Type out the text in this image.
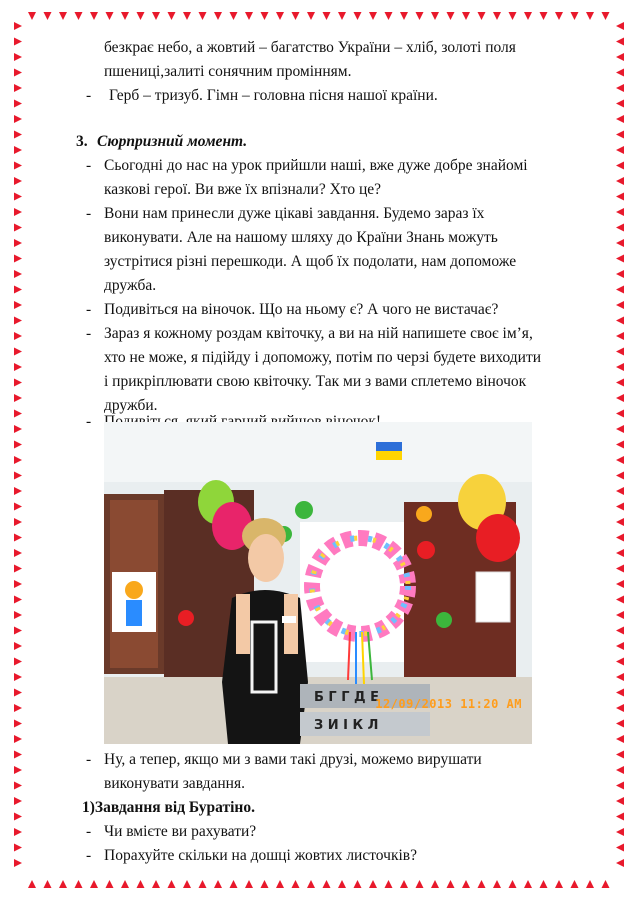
безкрає небо, а жовтий – багатство України – хліб, золоті поля
пшениці,залиті сонячним промінням.
- Герб – тризуб. Гімн – головна пісня нашої країни.
3. Сюрпризний момент.
- Сьогодні до нас на урок прийшли наші, вже дуже добре знайомі
казкові герої. Ви вже їх впізнали? Хто це?
- Вони нам принесли дуже цікаві завдання. Будемо зараз їх
виконувати. Але на нашому шляху до Країни Знань можуть
зустрітися різні перешкоди. А щоб їх подолати, нам допоможе
дружба.
- Подивіться на віночок. Що на ньому є? А чого не вистачає?
- Зараз я кожному роздам квіточку, а ви на ній напишете своє ім’я,
хто не може, я підійду і допоможу, потім по черзі будете виходити
і прикріплювати свою квіточку. Так ми з вами сплетемо віночок
дружби.
-
Б Г Г Д Е
З И І К Л
12/09/2013 11:20 AM
- Ну, а тепер, якщо ми з вами такі друзі, можемо вирушати
виконувати завдання.
1)Завдання від Буратіно.
- Чи вмієте ви рахувати?
- Порахуйте скільки на дошці жовтих листочків?
